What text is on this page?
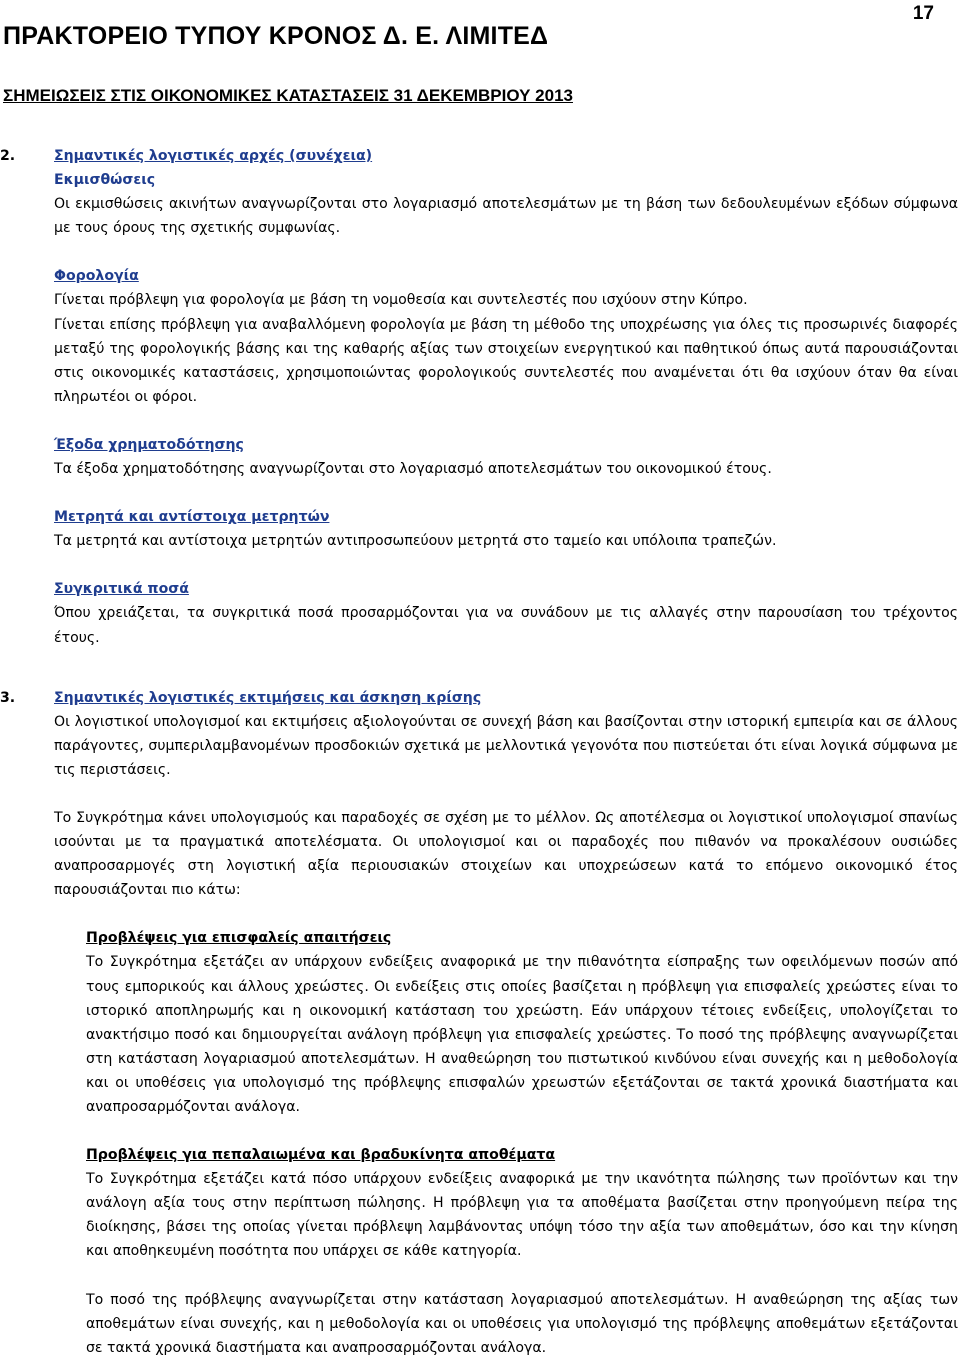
17
ΠΡΑΚΤΟΡΕΙΟ ΤΥΠΟΥ ΚΡΟΝΟΣ Δ. Ε. ΛΙΜΙΤΕΔ
ΣΗΜΕΙΩΣΕΙΣ ΣΤΙΣ ΟΙΚΟΝΟΜΙΚΕΣ ΚΑΤΑΣΤΑΣΕΙΣ 31 ΔΕΚΕΜΒΡΙΟΥ 2013
2.	Σημαντικές λογιστικές αρχές (συνέχεια)

Εκμισθώσεις

Οι εκμισθώσεις ακινήτων αναγνωρίζονται στο λογαριασμό αποτελεσμάτων με τη βάση των δεδουλευμένων εξόδων σύμφωνα με τους όρους της σχετικής συμφωνίας.

Φορολογία

Γίνεται πρόβλεψη για φορολογία με βάση τη νομοθεσία και συντελεστές που ισχύουν στην Κύπρο.

Γίνεται επίσης πρόβλεψη για αναβαλλόμενη φορολογία με βάση τη μέθοδο της υποχρέωσης για όλες τις προσωρινές διαφορές μεταξύ της φορολογικής βάσης και της καθαρής αξίας των στοιχείων ενεργητικού και παθητικού όπως αυτά παρουσιάζονται στις οικονομικές καταστάσεις, χρησιμοποιώντας φορολογικούς συντελεστές που αναμένεται ότι θα ισχύουν όταν θα είναι πληρωτέοι οι φόροι.

Έξοδα χρηματοδότησης

Τα έξοδα χρηματοδότησης αναγνωρίζονται στο λογαριασμό αποτελεσμάτων του οικονομικού έτους.

Μετρητά και αντίστοιχα μετρητών

Τα μετρητά και αντίστοιχα μετρητών αντιπροσωπεύουν μετρητά στο ταμείο και υπόλοιπα τραπεζών.

Συγκριτικά ποσά

Όπου χρειάζεται, τα συγκριτικά ποσά προσαρμόζονται για να συνάδουν με τις αλλαγές στην παρουσίαση του τρέχοντος έτους.

3.	Σημαντικές λογιστικές εκτιμήσεις και άσκηση κρίσης

Οι λογιστικοί υπολογισμοί και εκτιμήσεις αξιολογούνται σε συνεχή βάση και βασίζονται στην ιστορική εμπειρία και σε άλλους παράγοντες, συμπεριλαμβανομένων προσδοκιών σχετικά με μελλοντικά γεγονότα που πιστεύεται ότι είναι λογικά σύμφωνα με τις περιστάσεις.

Το Συγκρότημα κάνει υπολογισμούς και παραδοχές σε σχέση με το μέλλον. Ως αποτέλεσμα οι λογιστικοί υπολογισμοί σπανίως ισούνται με τα πραγματικά αποτελέσματα. Οι υπολογισμοί και οι παραδοχές που πιθανόν να προκαλέσουν ουσιώδες αναπροσαρμογές στη λογιστική αξία περιουσιακών στοιχείων και υποχρεώσεων κατά το επόμενο οικονομικό έτος παρουσιάζονται πιο κάτω:

Προβλέψεις για επισφαλείς απαιτήσεις

Το Συγκρότημα εξετάζει αν υπάρχουν ενδείξεις αναφορικά με την πιθανότητα είσπραξης των οφειλόμενων ποσών από τους εμπορικούς και άλλους χρεώστες. Οι ενδείξεις στις οποίες βασίζεται η πρόβλεψη για επισφαλείς χρεώστες είναι το ιστορικό αποπληρωμής και η οικονομική κατάσταση του χρεώστη. Εάν υπάρχουν τέτοιες ενδείξεις, υπολογίζεται το ανακτήσιμο ποσό και δημιουργείται ανάλογη πρόβλεψη για επισφαλείς χρεώστες. Το ποσό της πρόβλεψης αναγνωρίζεται στη κατάσταση λογαριασμού αποτελεσμάτων. Η αναθεώρηση του πιστωτικού κινδύνου είναι συνεχής και η μεθοδολογία και οι υποθέσεις για υπολογισμό της πρόβλεψης επισφαλών χρεωστών εξετάζονται σε τακτά χρονικά διαστήματα και αναπροσαρμόζονται ανάλογα.

Προβλέψεις για πεπαλαιωμένα και βραδυκίνητα αποθέματα

Το Συγκρότημα εξετάζει κατά πόσο υπάρχουν ενδείξεις αναφορικά με την ικανότητα πώλησης των προϊόντων και την ανάλογη αξία τους στην περίπτωση πώλησης. Η πρόβλεψη για τα αποθέματα βασίζεται στην προηγούμενη πείρα της διοίκησης, βάσει της οποίας γίνεται πρόβλεψη λαμβάνοντας υπόψη τόσο την αξία των αποθεμάτων, όσο και την κίνηση και αποθηκευμένη ποσότητα που υπάρχει σε κάθε κατηγορία.

Το ποσό της πρόβλεψης αναγνωρίζεται στην κατάσταση λογαριασμού αποτελεσμάτων. Η αναθεώρηση της αξίας των αποθεμάτων είναι συνεχής, και η μεθοδολογία και οι υποθέσεις για υπολογισμό της πρόβλεψης αποθεμάτων εξετάζονται σε τακτά χρονικά διαστήματα και αναπροσαρμόζονται ανάλογα.
